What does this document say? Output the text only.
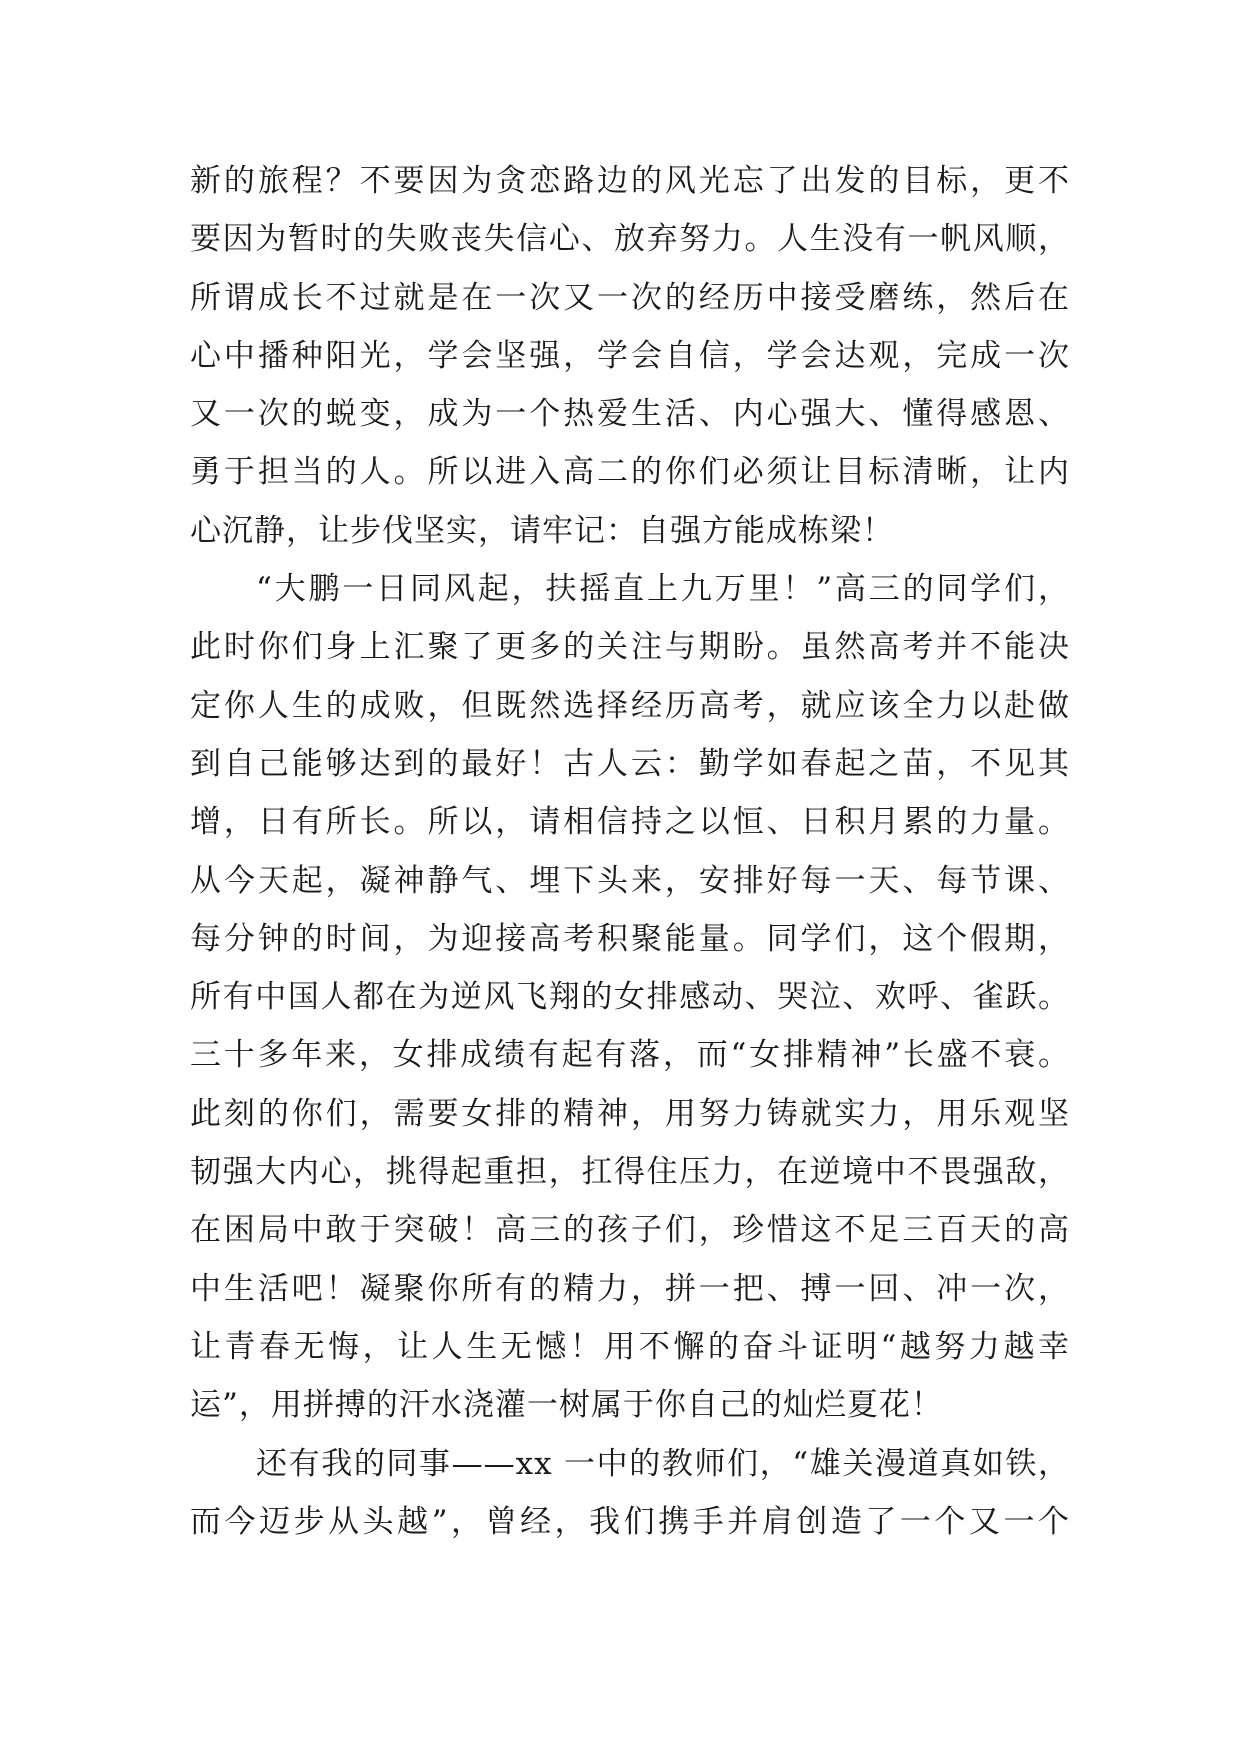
新的旅程？不要因为贪恋路边的风光忘了出发的目标，更不
要因为暂时的失败丧失信心、放弃努力。人生没有一帆风顺，
所谓成长不过就是在一次又一次的经历中接受磨练，然后在
心中播种阳光，学会坚强，学会自信，学会达观，完成一次
又一次的蜕变，成为一个热爱生活、内心强大、懂得感恩、
勇于担当的人。所以进入高二的你们必须让目标清晰，让内
心沉静，让步伐坚实，请牢记：自强方能成栋梁！
“大鹏一日同风起，扶摇直上九万里！”高三的同学们，
此时你们身上汇聚了更多的关注与期盼。虽然高考并不能决
定你人生的成败，但既然选择经历高考，就应该全力以赴做
到自己能够达到的最好！古人云：勤学如春起之苗，不见其
增，日有所长。所以，请相信持之以恒、日积月累的力量。
从今天起，凝神静气、埋下头来，安排好每一天、每节课、
每分钟的时间，为迎接高考积聚能量。同学们，这个假期，
所有中国人都在为逆风飞翔的女排感动、哭泣、欢呼、雀跃。
三十多年来，女排成绩有起有落，而“女排精神”长盛不衰。
此刻的你们，需要女排的精神，用努力铸就实力，用乐观坚
韧强大内心，挑得起重担，扛得住压力，在逆境中不畏强敌，
在困局中敢于突破！高三的孩子们，珍惜这不足三百天的高
中生活吧！凝聚你所有的精力，拼一把、搏一回、冲一次，
让青春无悔，让人生无憾！用不懈的奋斗证明“越努力越幸
运”，用拼搏的汗水浇灌一树属于你自己的灿烂夏花！
还有我的同事——xx 一中的教师们，“雄关漫道真如铁，
而今迈步从头越”，曾经，我们携手并肩创造了一个又一个
